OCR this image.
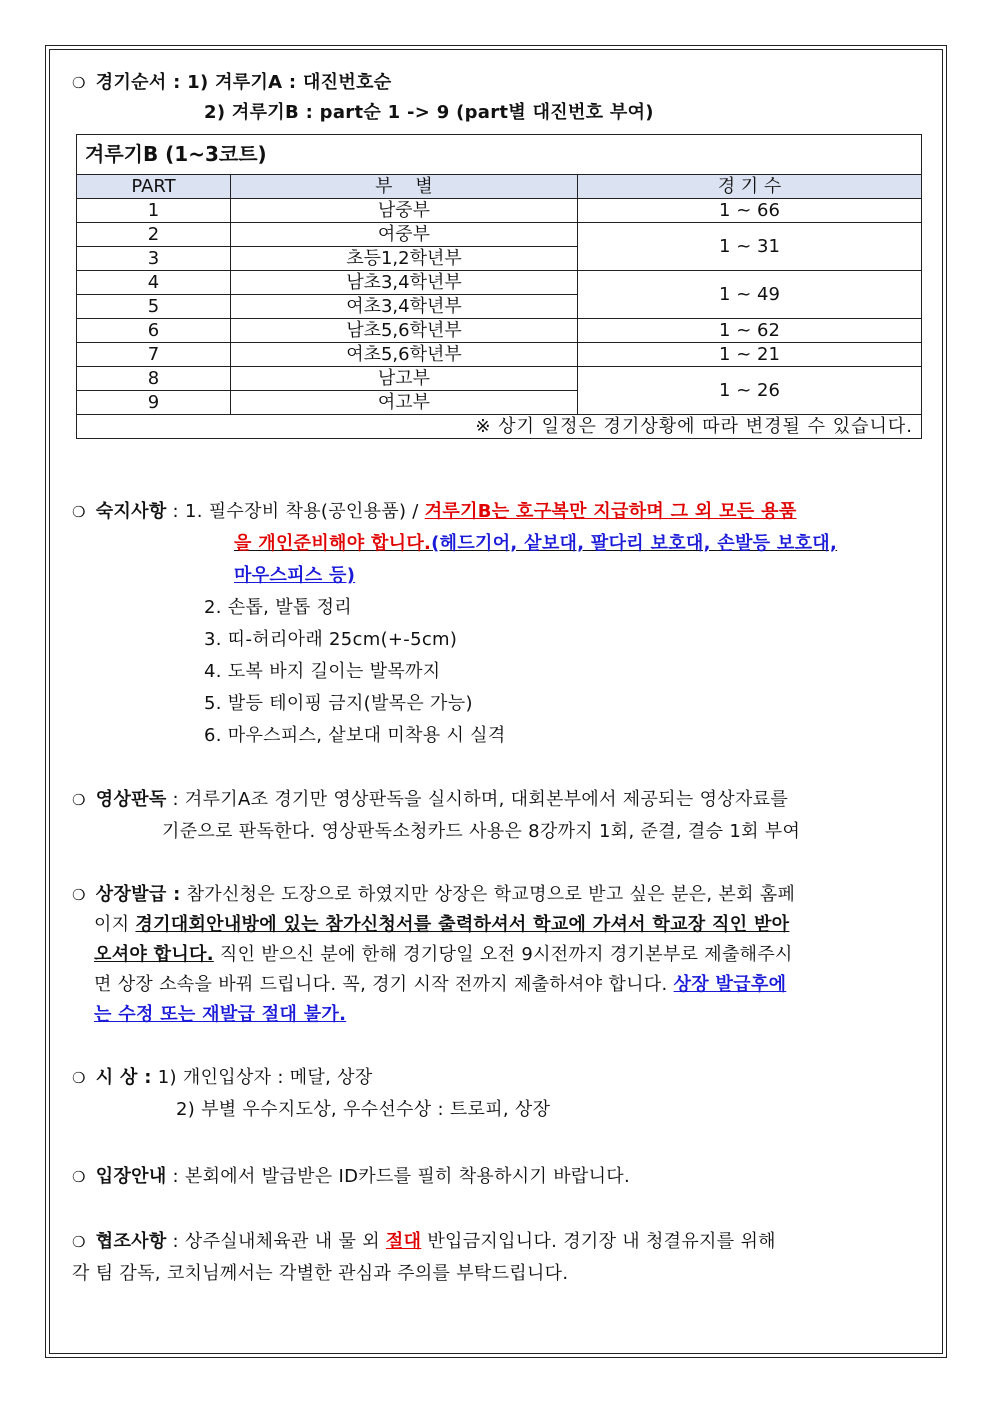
❍ 경기순서 : 1) 겨루기A : 대진번호순
2) 겨루기B : part순 1 -> 9 (part별 대진번호 부여)
겨루기B (1~3코트)		
PART	부    별	경 기 수
1	남중부	1 ~ 66
2	여중부	1 ~ 31
3	초등1,2학년부	
4	남초3,4학년부	1 ~ 49
5	여초3,4학년부	
6	남초5,6학년부	1 ~ 62
7	여초5,6학년부	1 ~ 21
8	남고부	1 ~ 26
9	여고부	
※ 상기 일정은 경기상황에 따라 변경될 수 있습니다.		
❍ 숙지사항 : 1. 필수장비 착용(공인용품) / 겨루기B는 호구복만 지급하며 그 외 모든 용품
을 개인준비해야 합니다.(헤드기어, 샅보대, 팔다리 보호대, 손발등 보호대,
마우스피스 등)
2. 손톱, 발톱 정리
3. 띠-허리아래 25cm(+-5cm)
4. 도복 바지 길이는 발목까지
5. 발등 테이핑 금지(발목은 가능)
6. 마우스피스, 샅보대 미착용 시 실격
❍ 영상판독 : 겨루기A조 경기만 영상판독을 실시하며, 대회본부에서 제공되는 영상자료를
기준으로 판독한다. 영상판독소청카드 사용은 8강까지 1회, 준결, 결승 1회 부여
❍ 상장발급 : 참가신청은 도장으로 하였지만 상장은 학교명으로 받고 싶은 분은, 본회 홈페
이지 경기대회안내방에 있는 참가신청서를 출력하셔서 학교에 가셔서 학교장 직인 받아
오셔야 합니다. 직인 받으신 분에 한해 경기당일 오전 9시전까지 경기본부로 제출해주시
면 상장 소속을 바꿔 드립니다. 꼭, 경기 시작 전까지 제출하셔야 합니다. 상장 발급후에
는 수정 또는 재발급 절대 불가.
❍ 시 상 : 1) 개인입상자 : 메달, 상장
2) 부별 우수지도상, 우수선수상 : 트로피, 상장
❍ 입장안내 : 본회에서 발급받은 ID카드를 필히 착용하시기 바랍니다.
❍ 협조사항 : 상주실내체육관 내 물 외 절대 반입금지입니다. 경기장 내 청결유지를 위해
각 팀 감독, 코치님께서는 각별한 관심과 주의를 부탁드립니다.
